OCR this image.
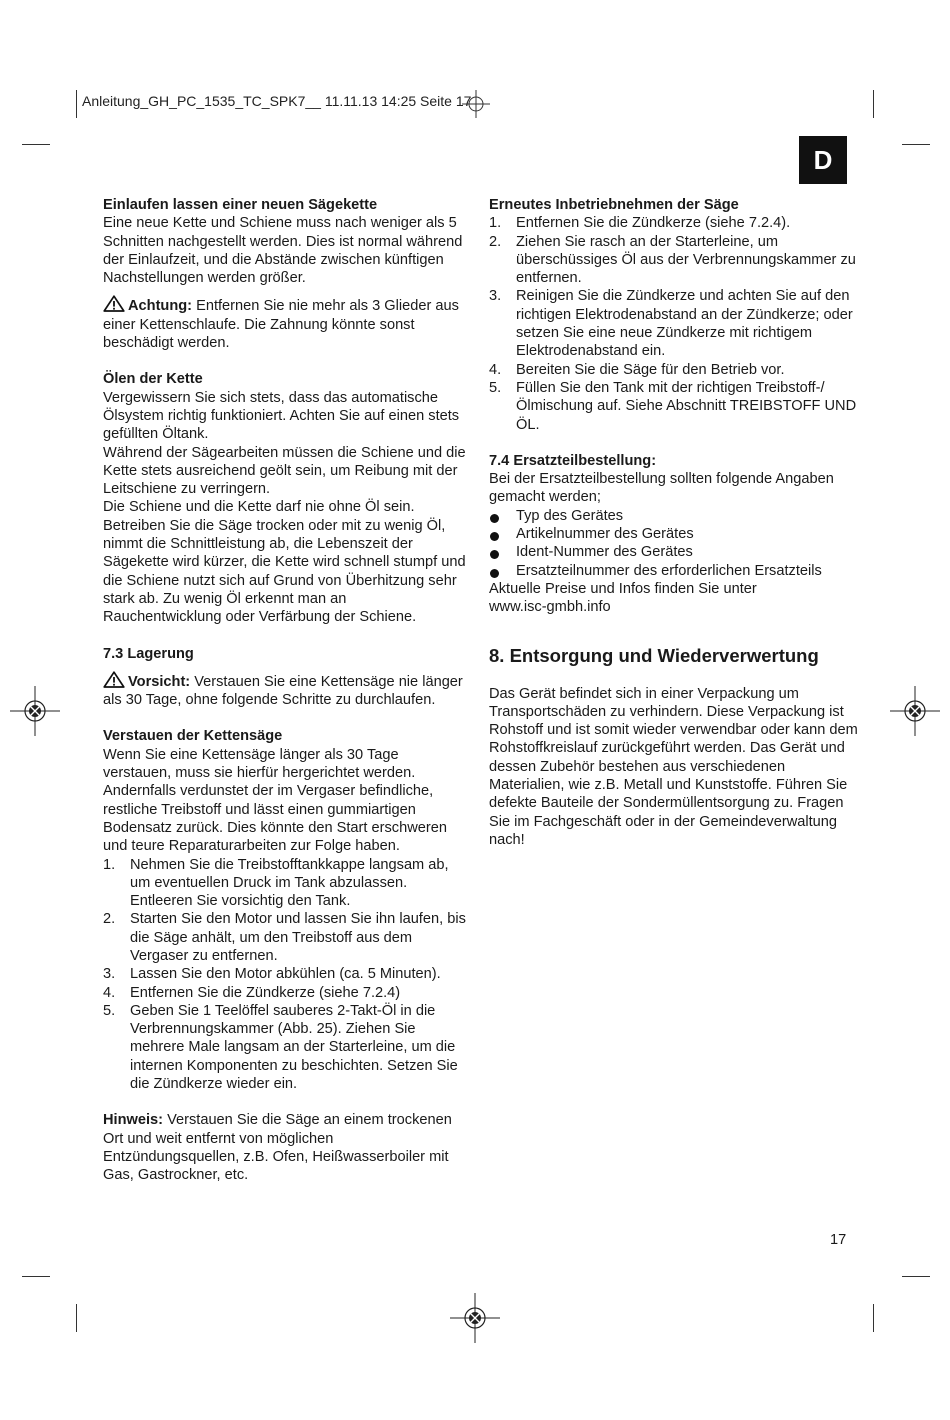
Anleitung_GH_PC_1535_TC_SPK7__ 11.11.13 14:25 Seite 17
D

Einlaufen lassen einer neuen Sägekette

Eine neue Kette und Schiene muss nach weniger als 5 Schnitten nachgestellt werden. Dies ist normal während der Einlaufzeit, und die Abstände zwischen künftigen Nachstellungen werden größer.

Achtung: Entfernen Sie nie mehr als 3 Glieder aus einer Kettenschlaufe. Die Zahnung könnte sonst beschädigt werden.

Ölen der Kette

Vergewissern Sie sich stets, dass das automatische Ölsystem richtig funktioniert. Achten Sie auf einen stets gefüllten Öltank.

Während der Sägearbeiten müssen die Schiene und die Kette stets ausreichend geölt sein, um Reibung mit der Leitschiene zu verringern.

Die Schiene und die Kette darf nie ohne Öl sein. Betreiben Sie die Säge trocken oder mit zu wenig Öl, nimmt die Schnittleistung ab, die Lebenszeit der Sägekette wird kürzer, die Kette wird schnell stumpf und die Schiene nutzt sich auf Grund von Überhitzung sehr stark ab. Zu wenig Öl erkennt man an Rauchentwicklung oder Verfärbung der Schiene.

7.3 Lagerung

Vorsicht: Verstauen Sie eine Kettensäge nie länger als 30 Tage, ohne folgende Schritte zu durchlaufen.

Verstauen der Kettensäge

Wenn Sie eine Kettensäge länger als 30 Tage verstauen, muss sie hierfür hergerichtet werden. Andernfalls verdunstet der im Vergaser befindliche, restliche Treibstoff und lässt einen gummiartigen Bodensatz zurück. Dies könnte den Start erschweren und teure Reparaturarbeiten zur Folge haben.

1. Nehmen Sie die Treibstofftankkappe langsam ab, um eventuellen Druck im Tank abzulassen. Entleeren Sie vorsichtig den Tank.
2. Starten Sie den Motor und lassen Sie ihn laufen, bis die Säge anhält, um den Treibstoff aus dem Vergaser zu entfernen.
3. Lassen Sie den Motor abkühlen (ca. 5 Minuten).
4. Entfernen Sie die Zündkerze (siehe 7.2.4)
5. Geben Sie 1 Teelöffel sauberes 2-Takt-Öl in die Verbrennungskammer (Abb. 25). Ziehen Sie mehrere Male langsam an der Starterleine, um die internen Komponenten zu beschichten. Setzen Sie die Zündkerze wieder ein.

Hinweis: Verstauen Sie die Säge an einem trockenen Ort und weit entfernt von möglichen Entzündungsquellen, z.B. Ofen, Heißwasserboiler mit Gas, Gastrockner, etc.

Erneutes Inbetriebnehmen der Säge

1. Entfernen Sie die Zündkerze (siehe 7.2.4).
2. Ziehen Sie rasch an der Starterleine, um überschüssiges Öl aus der Verbrennungskammer zu entfernen.
3. Reinigen Sie die Zündkerze und achten Sie auf den richtigen Elektrodenabstand an der Zündkerze; oder setzen Sie eine neue Zündkerze mit richtigem Elektrodenabstand ein.
4. Bereiten Sie die Säge für den Betrieb vor.
5. Füllen Sie den Tank mit der richtigen Treibstoff-/ Ölmischung auf. Siehe Abschnitt TREIBSTOFF UND ÖL.

7.4 Ersatzteilbestellung:

Bei der Ersatzteilbestellung sollten folgende Angaben gemacht werden;

Typ des Gerätes
Artikelnummer des Gerätes
Ident-Nummer des Gerätes
Ersatzteilnummer des erforderlichen Ersatzteils

Aktuelle Preise und Infos finden Sie unter www.isc-gmbh.info

8. Entsorgung und Wiederverwertung

Das Gerät befindet sich in einer Verpackung um Transportschäden zu verhindern. Diese Verpackung ist Rohstoff und ist somit wieder verwendbar oder kann dem Rohstoffkreislauf zurückgeführt werden. Das Gerät und dessen Zubehör bestehen aus verschiedenen Materialien, wie z.B. Metall und Kunststoffe. Führen Sie defekte Bauteile der Sondermüllentsorgung zu. Fragen Sie im Fachgeschäft oder in der Gemeindeverwaltung nach!

17
